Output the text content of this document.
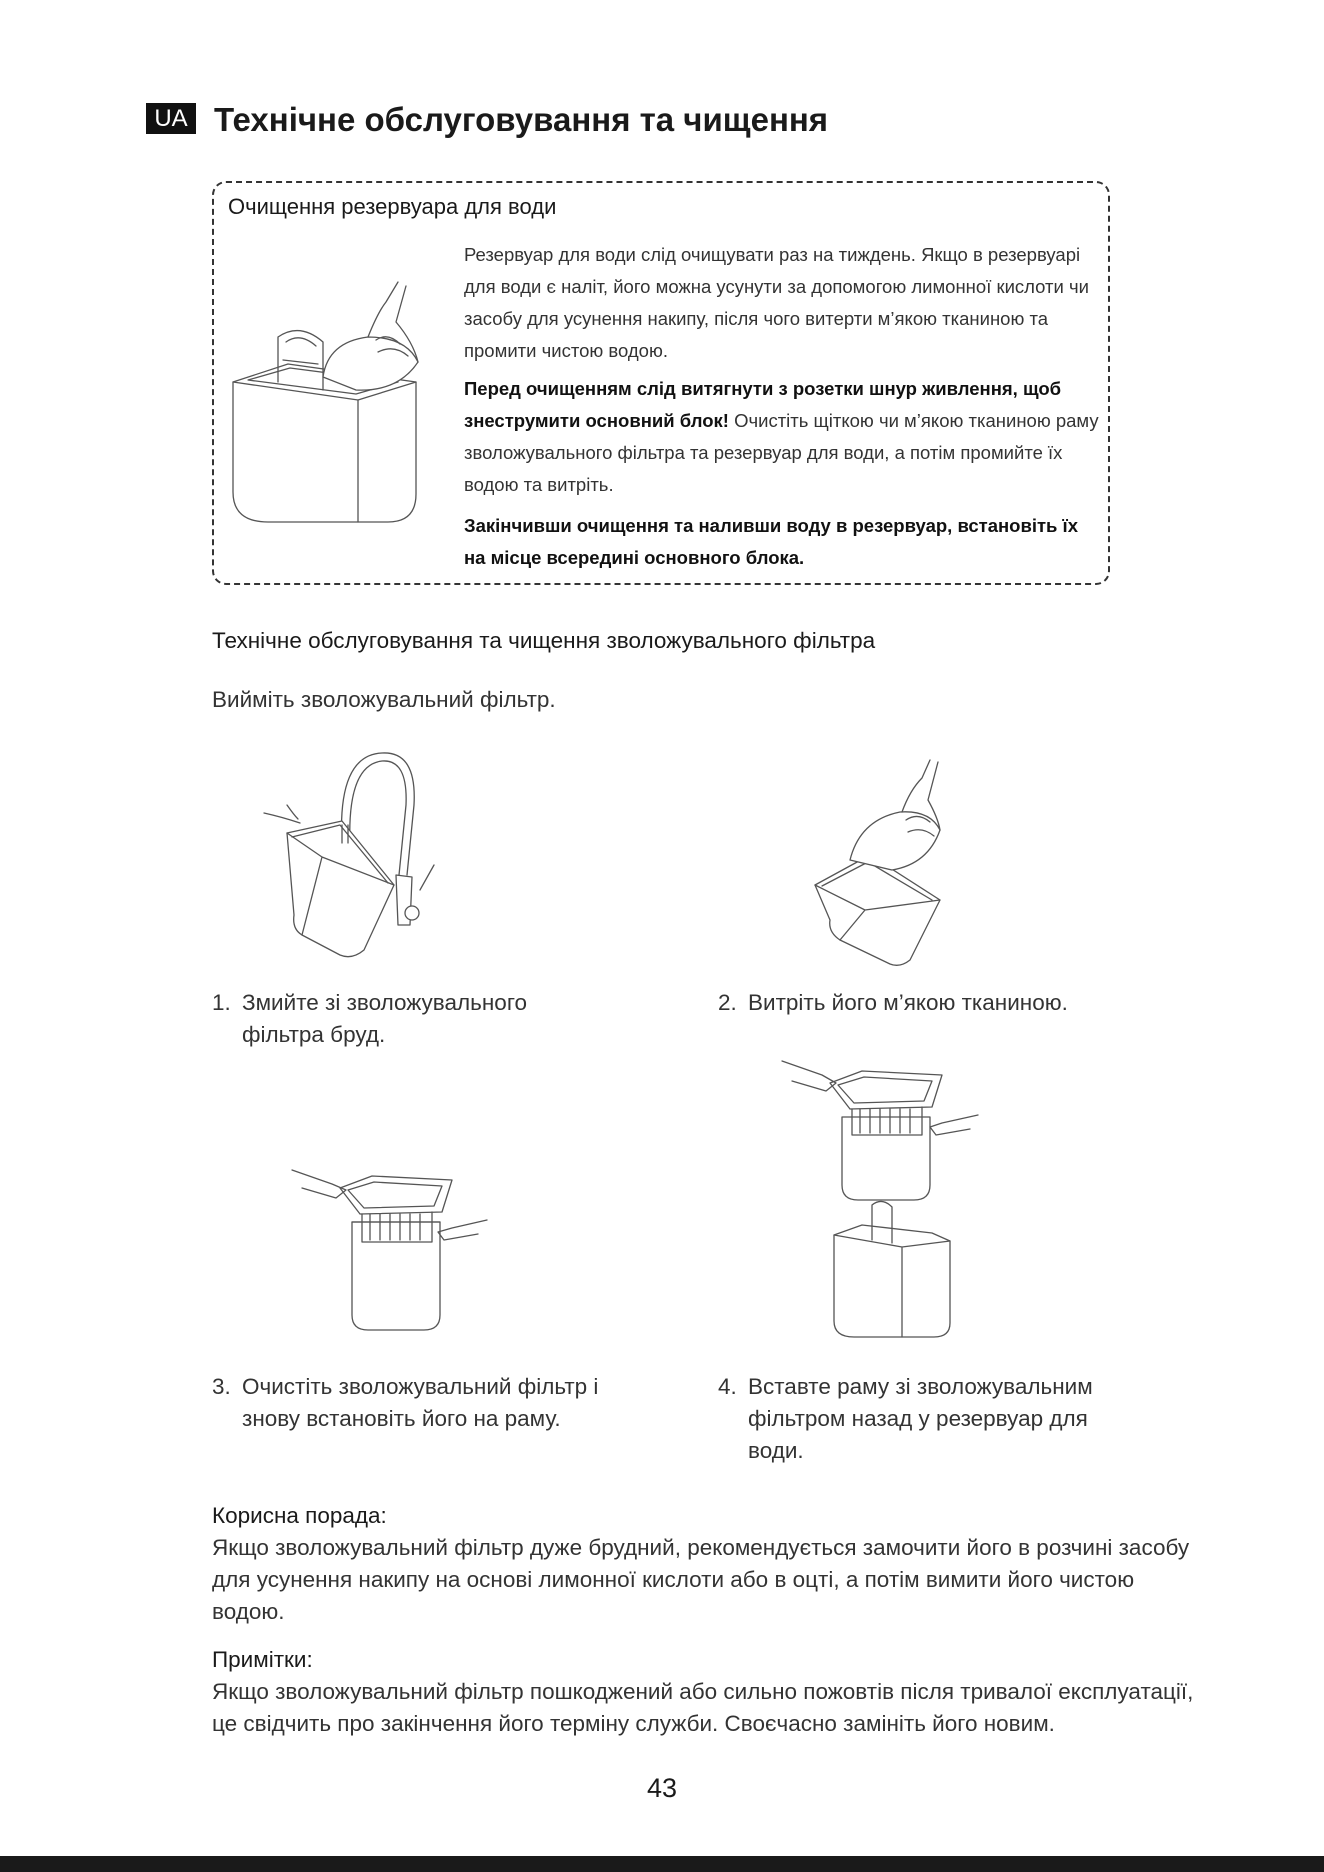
UA Технічне обслуговування та чищення
Очищення резервуара для води
Резервуар для води слід очищувати раз на тиждень. Якщо в резервуарі для води є наліт, його можна усунути за допомогою лимонної кислоти чи засобу для усунення накипу, після чого витерти м’якою тканиною та промити чистою водою.
Перед очищенням слід витягнути з розетки шнур живлення, щоб знеструмити основний блок! Очистіть щіткою чи м’якою тканиною раму зволожувального фільтра та резервуар для води, а потім промийте їх водою та витріть.
Закінчивши очищення та наливши воду в резервуар, встановіть їх на місце всередині основного блока.
Технічне обслуговування та чищення зволожувального фільтра
Вийміть зволожувальний фільтр.
1. Змийте зі зволожувального фільтра бруд.
2. Витріть його м’якою тканиною.
3. Очистіть зволожувальний фільтр і знову встановіть його на раму.
4. Вставте раму зі зволожувальним фільтром назад у резервуар для води.
Корисна порада:
Якщо зволожувальний фільтр дуже брудний, рекомендується замочити його в розчині засобу для усунення накипу на основі лимонної кислоти або в оцті, а потім вимити його чистою водою.
Примітки:
Якщо зволожувальний фільтр пошкоджений або сильно пожовтів після тривалої експлуатації, це свідчить про закінчення його терміну служби. Своєчасно замініть його новим.
43
